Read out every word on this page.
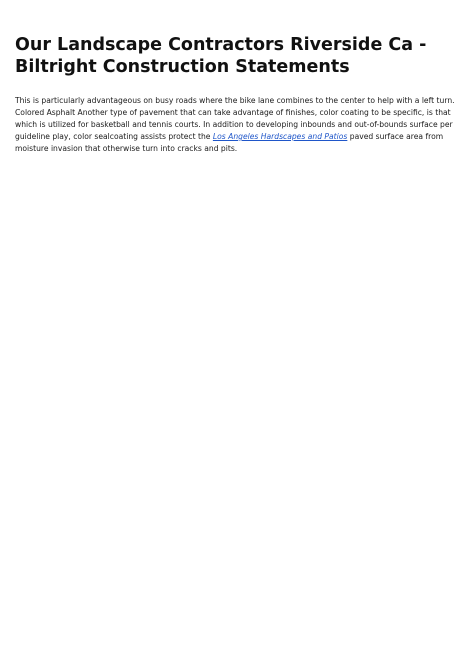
Our Landscape Contractors Riverside Ca - Biltright Construction Statements

This is particularly advantageous on busy roads where the bike lane combines to the center to help with a left turn. Colored Asphalt Another type of pavement that can take advantage of finishes, color coating to be specific, is that which is utilized for basketball and tennis courts. In addition to developing inbounds and out-of-bounds surface per guideline play, color sealcoating assists protect the Los Angeles Hardscapes and Patios paved surface area from moisture invasion that otherwise turn into cracks and pits.
